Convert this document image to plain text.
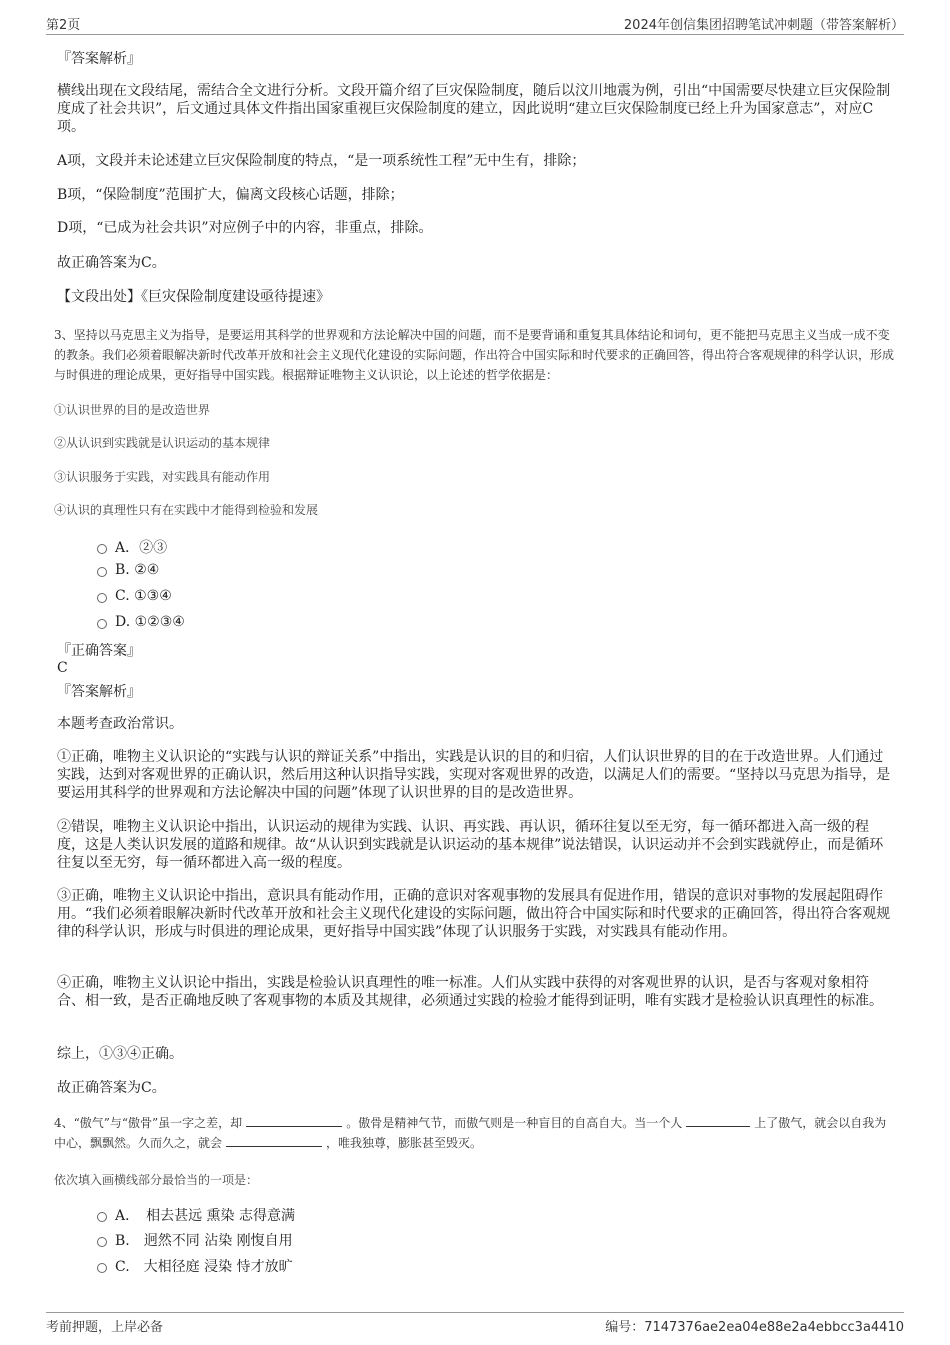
第2页	2024年创信集团招聘笔试冲刺题（带答案解析）
『答案解析』

横线出现在文段结尾，需结合全文进行分析。文段开篇介绍了巨灾保险制度，随后以汶川地震为例，引出“中国需要尽快建立巨灾保险制度成了社会共识”，后文通过具体文件指出国家重视巨灾保险制度的建立，因此说明“建立巨灾保险制度已经上升为国家意志”，对应C项。

A项，文段并未论述建立巨灾保险制度的特点，“是一项系统性工程”无中生有，排除；

B项，“保险制度”范围扩大，偏离文段核心话题，排除；

D项，“已成为社会共识”对应例子中的内容，非重点，排除。

故正确答案为C。

【文段出处】《巨灾保险制度建设亟待提速》

3、坚持以马克思主义为指导，是要运用其科学的世界观和方法论解决中国的问题，而不是要背诵和重复其具体结论和词句，更不能把马克思主义当成一成不变的教条。我们必须着眼解决新时代改革开放和社会主义现代化建设的实际问题，作出符合中国实际和时代要求的正确回答，得出符合客观规律的科学认识，形成与时俱进的理论成果，更好指导中国实践。根据辩证唯物主义认识论，以上论述的哲学依据是：

①认识世界的目的是改造世界

②从认识到实践就是认识运动的基本规律

③认识服务于实践，对实践具有能动作用

④认识的真理性只有在实践中才能得到检验和发展

A．②③
B. ②④
C. ①③④
D. ①②③④
『正确答案』
C
『答案解析』

本题考查政治常识。

①正确，唯物主义认识论的“实践与认识的辩证关系”中指出，实践是认识的目的和归宿，人们认识世界的目的在于改造世界。人们通过实践，达到对客观世界的正确认识，然后用这种认识指导实践，实现对客观世界的改造，以满足人们的需要。“坚持以马克思为指导，是要运用其科学的世界观和方法论解决中国的问题”体现了认识世界的目的是改造世界。

②错误，唯物主义认识论中指出，认识运动的规律为实践、认识、再实践、再认识，循环往复以至无穷，每一循环都进入高一级的程度，这是人类认识发展的道路和规律。故“从认识到实践就是认识运动的基本规律”说法错误，认识运动并不会到实践就停止，而是循环往复以至无穷，每一循环都进入高一级的程度。

③正确，唯物主义认识论中指出，意识具有能动作用，正确的意识对客观事物的发展具有促进作用，错误的意识对事物的发展起阻碍作用。“我们必须着眼解决新时代改革开放和社会主义现代化建设的实际问题，做出符合中国实际和时代要求的正确回答，得出符合客观规律的科学认识，形成与时俱进的理论成果，更好指导中国实践”体现了认识服务于实践，对实践具有能动作用。

④正确，唯物主义认识论中指出，实践是检验认识真理性的唯一标准。人们从实践中获得的对客观世界的认识，是否与客观对象相符合、相一致，是否正确地反映了客观事物的本质及其规律，必须通过实践的检验才能得到证明，唯有实践才是检验认识真理性的标准。

综上，①③④正确。

故正确答案为C。

4、“傲气”与“傲骨”虽一字之差，却	。傲骨是精神气节，而傲气则是一种盲目的自高自大。当一个人	上了傲气，就会以自我为中心，飘飘然。久而久之，就会	，唯我独尊，膨胀甚至毁灭。

依次填入画横线部分最恰当的一项是：

A．　相去甚远 熏染 志得意满
B.　迥然不同 沾染 刚愎自用
C.　大相径庭 浸染 恃才放旷
考前押题，上岸必备	编号：7147376ae2ea04e88e2a4ebbcc3a4410
